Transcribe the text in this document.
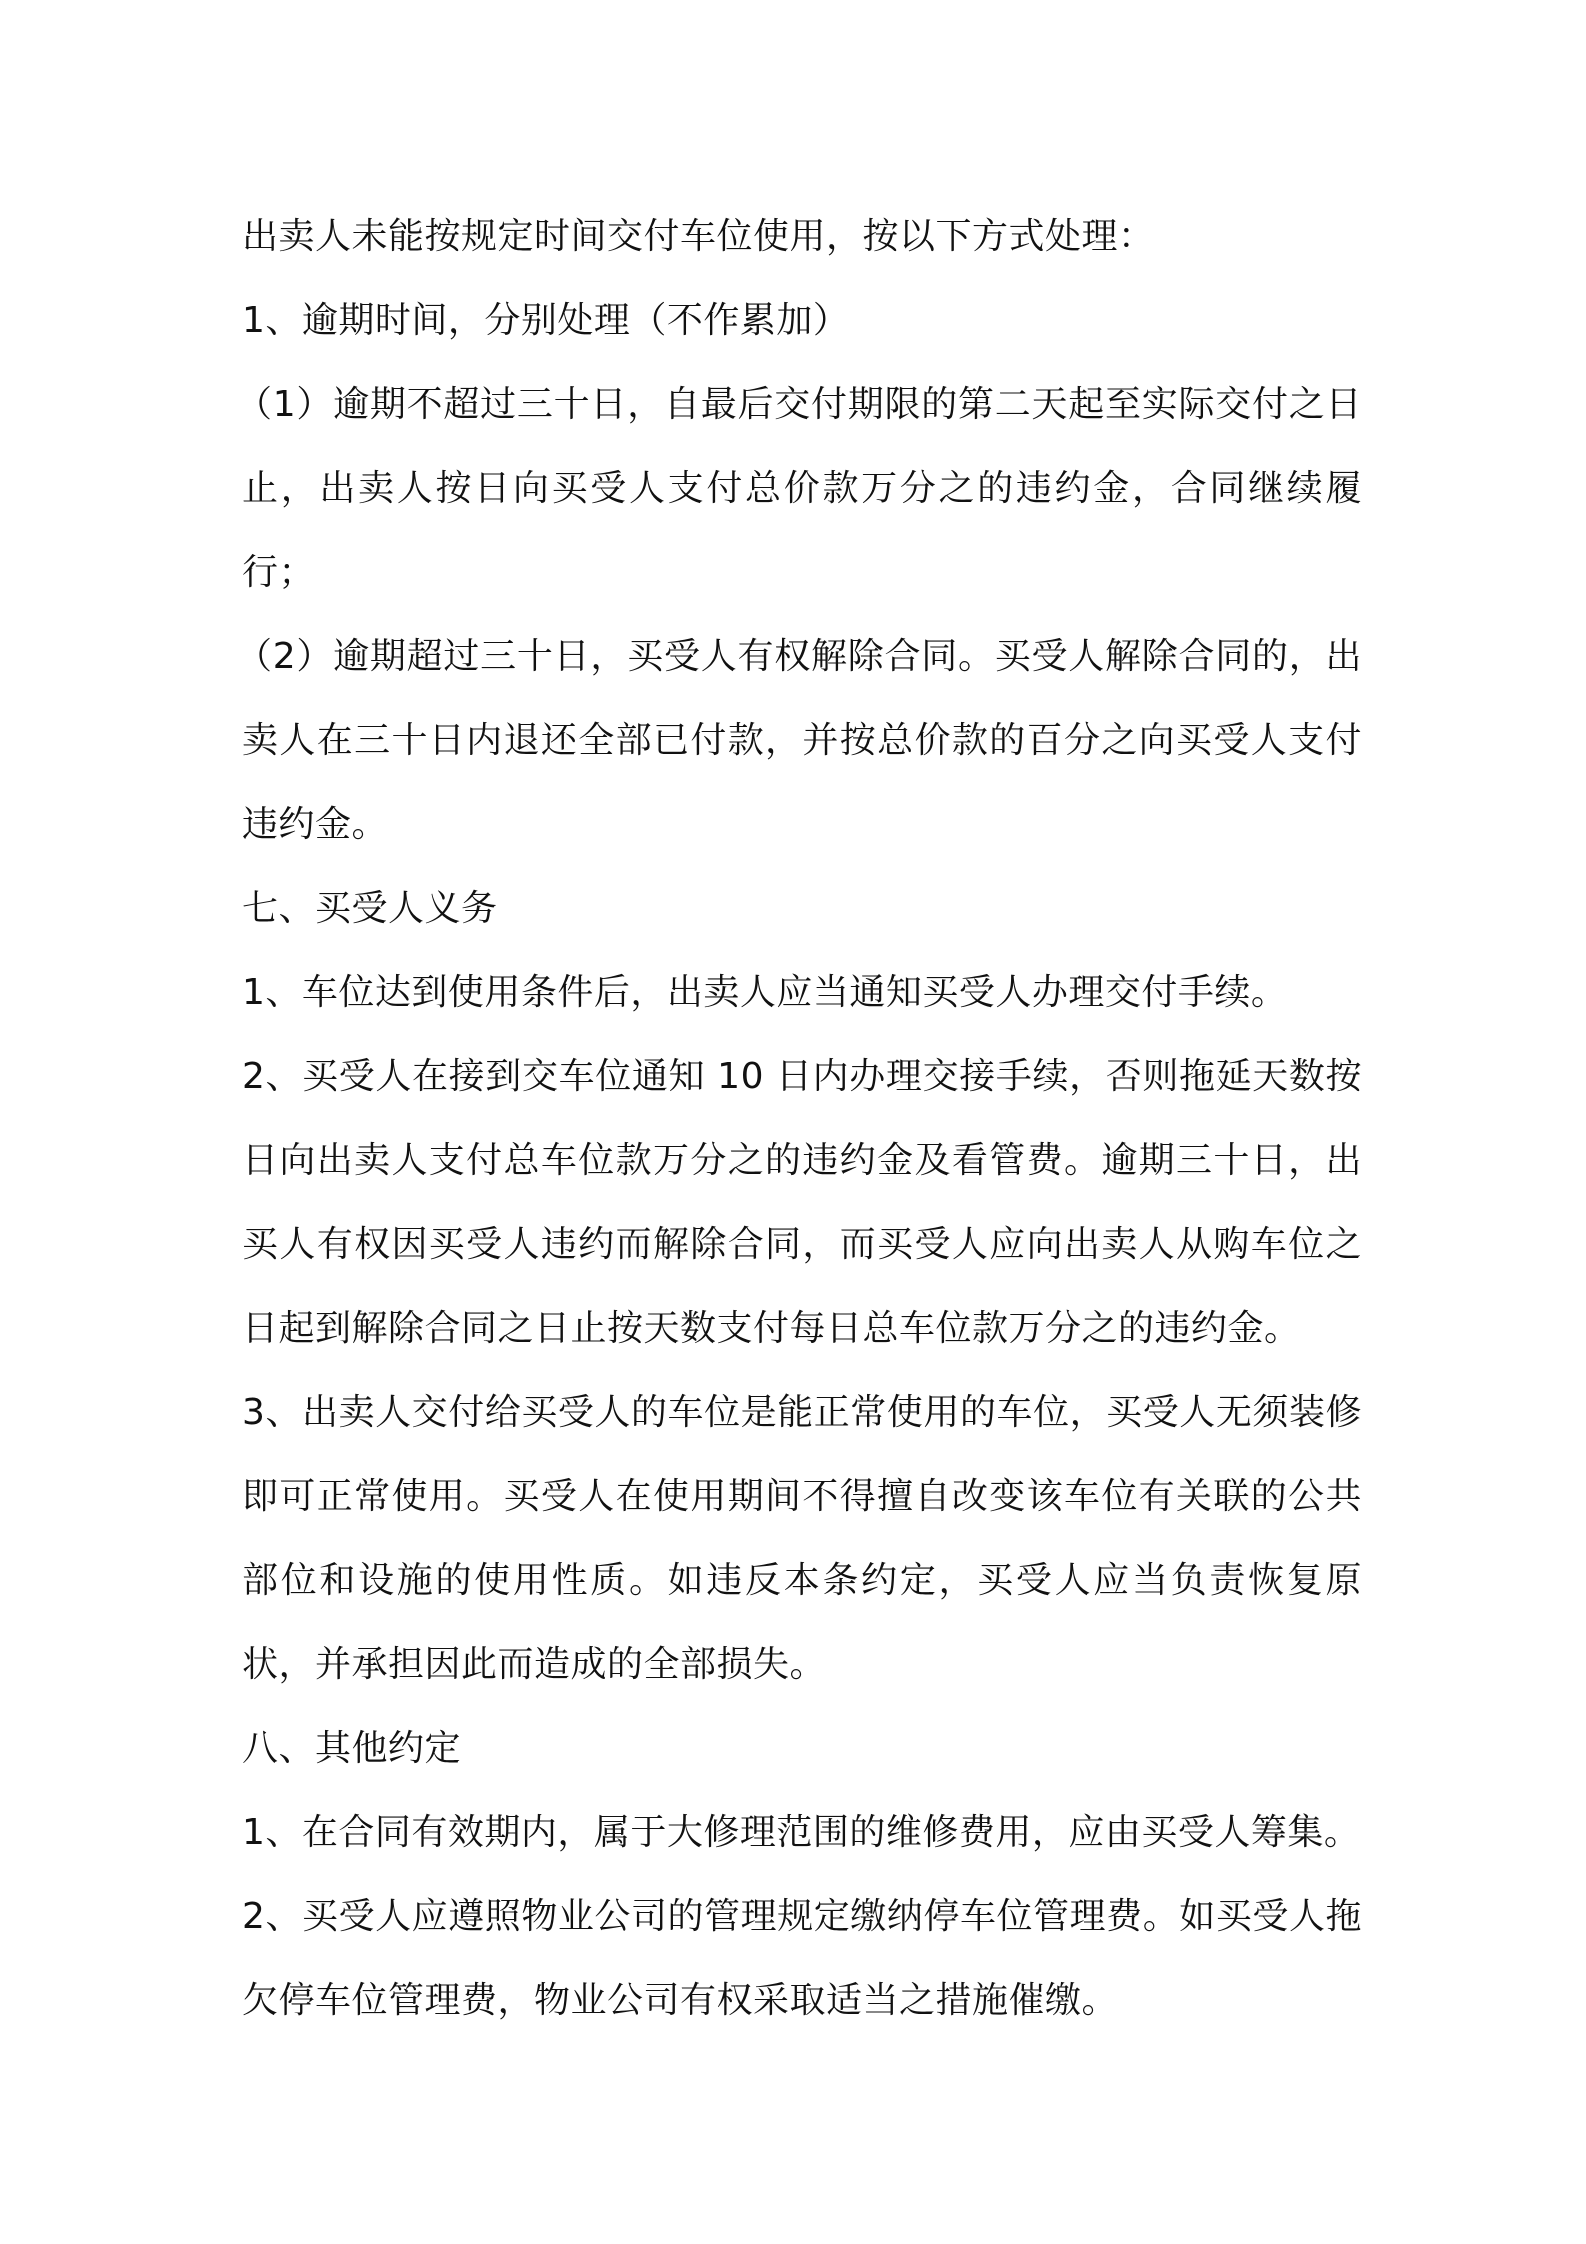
出卖人未能按规定时间交付车位使用，按以下方式处理：

1、逾期时间，分别处理（不作累加）

（1）逾期不超过三十日，自最后交付期限的第二天起至实际交付之日止，出卖人按日向买受人支付总价款万分之的违约金，合同继续履行；

（2）逾期超过三十日，买受人有权解除合同。买受人解除合同的，出卖人在三十日内退还全部已付款，并按总价款的百分之向买受人支付违约金。

七、买受人义务

1、车位达到使用条件后，出卖人应当通知买受人办理交付手续。

2、买受人在接到交车位通知 10 日内办理交接手续，否则拖延天数按日向出卖人支付总车位款万分之的违约金及看管费。逾期三十日，出买人有权因买受人违约而解除合同，而买受人应向出卖人从购车位之日起到解除合同之日止按天数支付每日总车位款万分之的违约金。

3、出卖人交付给买受人的车位是能正常使用的车位，买受人无须装修即可正常使用。买受人在使用期间不得擅自改变该车位有关联的公共部位和设施的使用性质。如违反本条约定，买受人应当负责恢复原状，并承担因此而造成的全部损失。

八、其他约定

1、在合同有效期内，属于大修理范围的维修费用，应由买受人筹集。

2、买受人应遵照物业公司的管理规定缴纳停车位管理费。如买受人拖欠停车位管理费，物业公司有权采取适当之措施催缴。
